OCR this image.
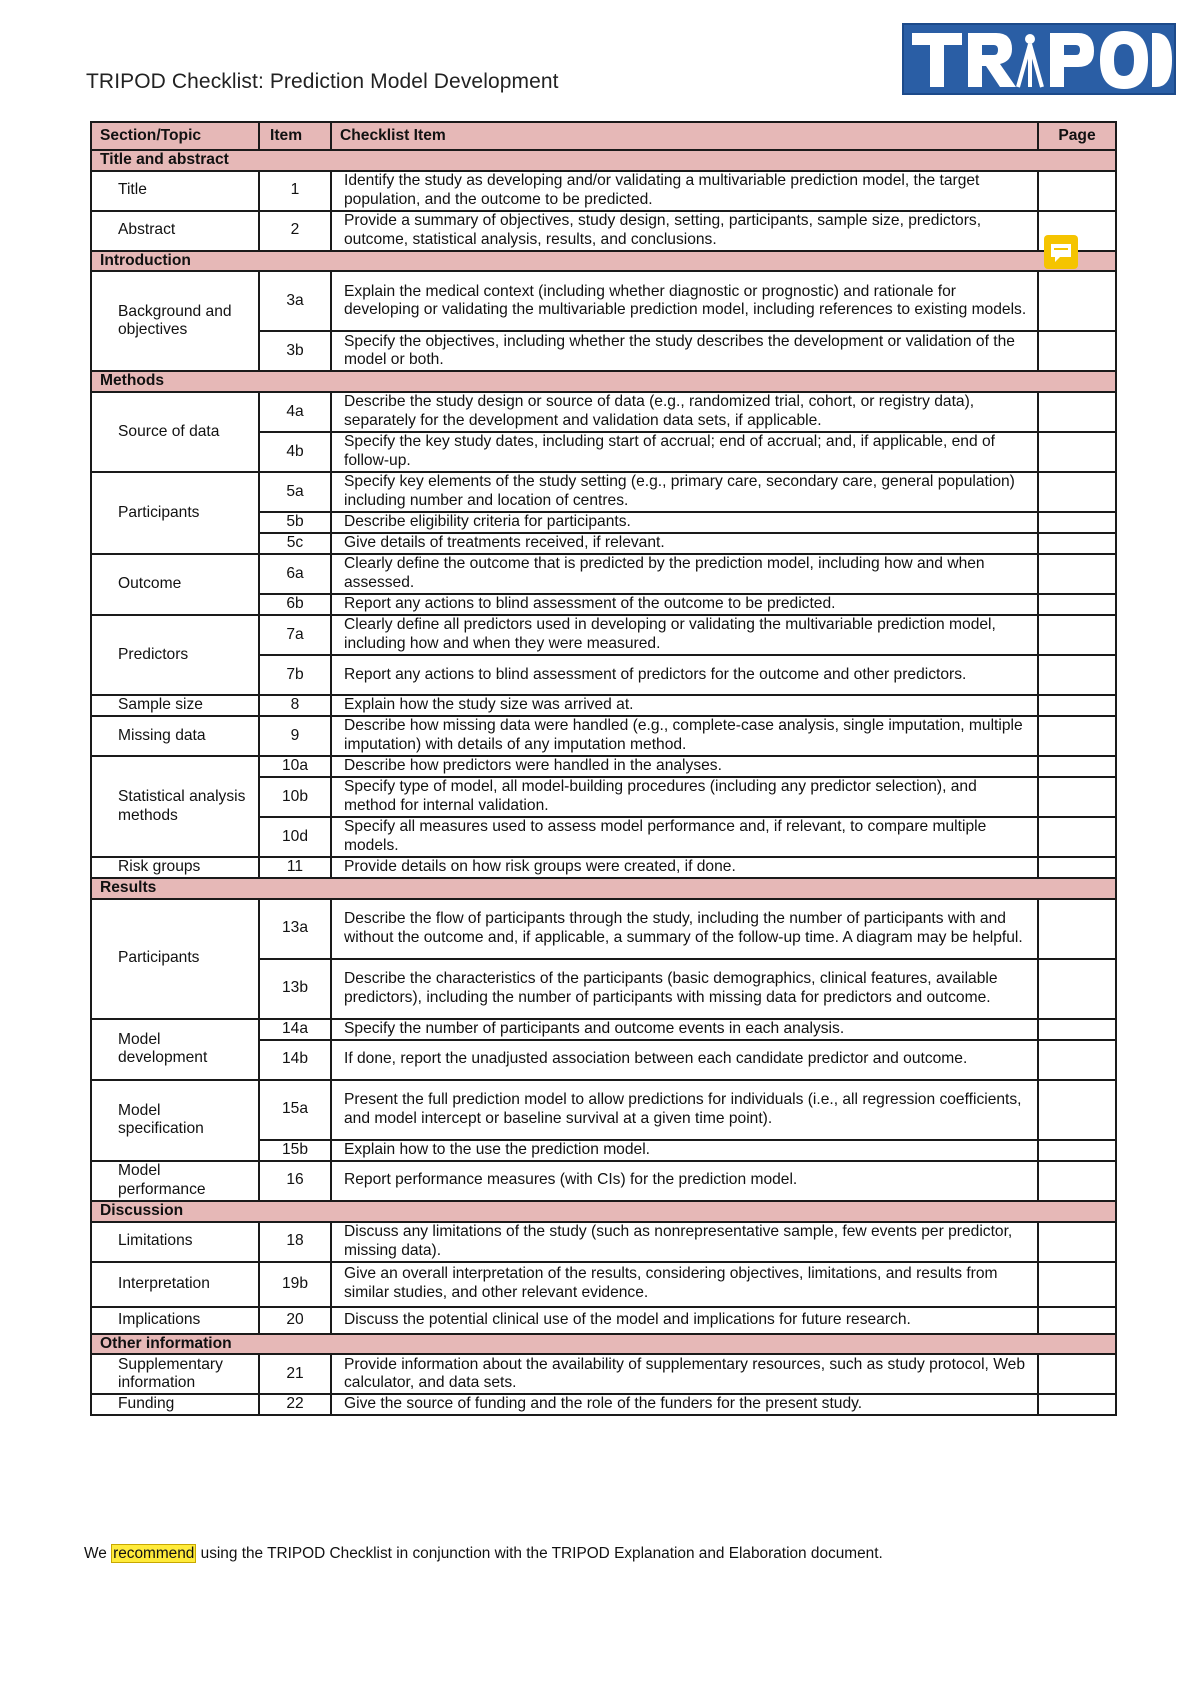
TRIPOD Checklist: Prediction Model Development
Section/Topic	Item	Checklist Item	Page
Title and abstract			
Title	1	Identify the study as developing and/or validating a multivariable prediction model, the target population, and the outcome to be predicted.	
Abstract	2	Provide a summary of objectives, study design, setting, participants, sample size, predictors, outcome, statistical analysis, results, and conclusions.	
Introduction			
Background and objectives	3a	Explain the medical context (including whether diagnostic or prognostic) and rationale for developing or validating the multivariable prediction model, including references to existing models.	
	3b	Specify the objectives, including whether the study describes the development or validation of the model or both.	
Methods			
Source of data	4a	Describe the study design or source of data (e.g., randomized trial, cohort, or registry data), separately for the development and validation data sets, if applicable.	
	4b	Specify the key study dates, including start of accrual; end of accrual; and, if applicable, end of follow-up.	
Participants	5a	Specify key elements of the study setting (e.g., primary care, secondary care, general population) including number and location of centres.	
	5b	Describe eligibility criteria for participants.	
	5c	Give details of treatments received, if relevant.	
Outcome	6a	Clearly define the outcome that is predicted by the prediction model, including how and when assessed.	
	6b	Report any actions to blind assessment of the outcome to be predicted.	
Predictors	7a	Clearly define all predictors used in developing or validating the multivariable prediction model, including how and when they were measured.	
	7b	Report any actions to blind assessment of predictors for the outcome and other predictors.	
Sample size	8	Explain how the study size was arrived at.	
Missing data	9	Describe how missing data were handled (e.g., complete-case analysis, single imputation, multiple imputation) with details of any imputation method.	
Statistical analysis methods	10a	Describe how predictors were handled in the analyses.	
	10b	Specify type of model, all model-building procedures (including any predictor selection), and method for internal validation.	
	10d	Specify all measures used to assess model performance and, if relevant, to compare multiple models.	
Risk groups	11	Provide details on how risk groups were created, if done.	
Results			
Participants	13a	Describe the flow of participants through the study, including the number of participants with and without the outcome and, if applicable, a summary of the follow-up time. A diagram may be helpful.	
	13b	Describe the characteristics of the participants (basic demographics, clinical features, available predictors), including the number of participants with missing data for predictors and outcome.	
Model development	14a	Specify the number of participants and outcome events in each analysis.	
	14b	If done, report the unadjusted association between each candidate predictor and outcome.	
Model specification	15a	Present the full prediction model to allow predictions for individuals (i.e., all regression coefficients, and model intercept or baseline survival at a given time point).	
	15b	Explain how to the use the prediction model.	
Model performance	16	Report performance measures (with CIs) for the prediction model.	
Discussion			
Limitations	18	Discuss any limitations of the study (such as nonrepresentative sample, few events per predictor, missing data).	
Interpretation	19b	Give an overall interpretation of the results, considering objectives, limitations, and results from similar studies, and other relevant evidence.	
Implications	20	Discuss the potential clinical use of the model and implications for future research.	
Other information			
Supplementary information	21	Provide information about the availability of supplementary resources, such as study protocol, Web calculator, and data sets.	
Funding	22	Give the source of funding and the role of the funders for the present study.	
We recommend using the TRIPOD Checklist in conjunction with the TRIPOD Explanation and Elaboration document.
